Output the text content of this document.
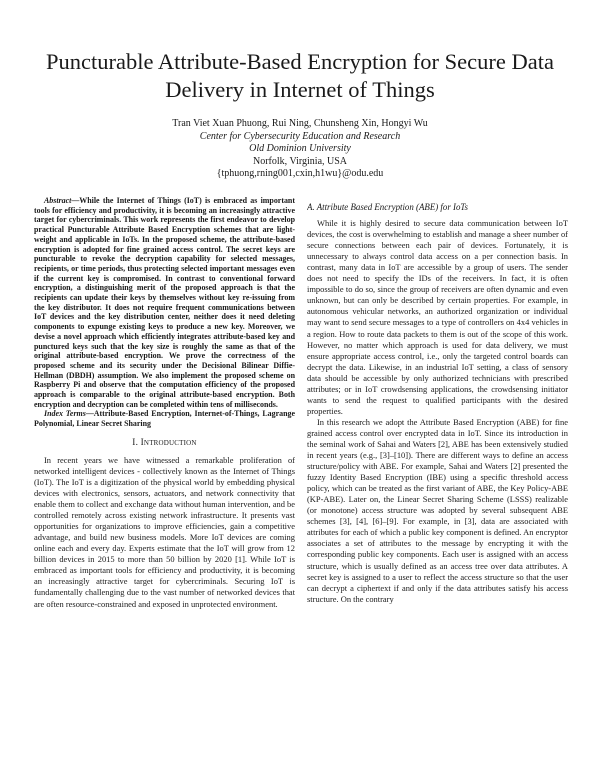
Puncturable Attribute-Based Encryption for Secure Data Delivery in Internet of Things
Tran Viet Xuan Phuong, Rui Ning, Chunsheng Xin, Hongyi Wu
Center for Cybersecurity Education and Research
Old Dominion University
Norfolk, Virginia, USA
{tphuong,rning001,cxin,h1wu}@odu.edu

Abstract—While the Internet of Things (IoT) is embraced as important tools for efficiency and productivity, it is becoming an increasingly attractive target for cybercriminals. This work represents the first endeavor to develop practical Puncturable Attribute Based Encryption schemes that are light-weight and applicable in IoTs. In the proposed scheme, the attribute-based encryption is adopted for fine grained access control. The secret keys are puncturable to revoke the decryption capability for selected messages, recipients, or time periods, thus protecting selected important messages even if the current key is compromised. In contrast to conventional forward encryption, a distinguishing merit of the proposed approach is that the recipients can update their keys by themselves without key re-issuing from the key distributor. It does not require frequent communications between IoT devices and the key distribution center, neither does it need deleting components to expunge existing keys to produce a new key. Moreover, we devise a novel approach which efficiently integrates attribute-based key and punctured keys such that the key size is roughly the same as that of the original attribute-based encryption. We prove the correctness of the proposed scheme and its security under the Decisional Bilinear Diffie-Hellman (DBDH) assumption. We also implement the proposed scheme on Raspberry Pi and observe that the computation efficiency of the proposed approach is comparable to the original attribute-based encryption. Both encryption and decryption can be completed within tens of milliseconds.

Index Terms—Attribute-Based Encryption, Internet-of-Things, Lagrange Polynomial, Linear Secret Sharing

I. Introduction

In recent years we have witnessed a remarkable proliferation of networked intelligent devices - collectively known as the Internet of Things (IoT). The IoT is a digitization of the physical world by embedding physical devices with electronics, sensors, actuators, and network connectivity that enable them to collect and exchange data without human intervention, and be controlled remotely across existing network infrastructure. It presents vast opportunities for organizations to improve efficiencies, gain a competitive advantage, and build new business models. More IoT devices are coming online each and every day. Experts estimate that the IoT will grow from 12 billion devices in 2015 to more than 50 billion by 2020 [1]. While IoT is embraced as important tools for efficiency and productivity, it is becoming an increasingly attractive target for cybercriminals. Securing IoT is fundamentally challenging due to the vast number of networked devices that are often resource-constrained and exposed in unprotected environment.

A. Attribute Based Encryption (ABE) for IoTs

While it is highly desired to secure data communication between IoT devices, the cost is overwhelming to establish and manage a sheer number of secure connections between each pair of devices. Fortunately, it is unnecessary to always control data access on a per connection basis. In contrast, many data in IoT are accessible by a group of users. The sender does not need to specify the IDs of the receivers. In fact, it is often impossible to do so, since the group of receivers are often dynamic and even unknown, but can only be described by certain properties. For example, in autonomous vehicular networks, an authorized organization or individual may want to send secure messages to a type of controllers on 4x4 vehicles in a region. How to route data packets to them is out of the scope of this work. However, no matter which approach is used for data delivery, we must ensure appropriate access control, i.e., only the targeted control boards can decrypt the data. Likewise, in an industrial IoT setting, a class of sensory data should be accessible by only authorized technicians with prescribed attributes; or in IoT crowdsensing applications, the crowdsensing initiator wants to send the request to qualified participants with the desired properties.

In this research we adopt the Attribute Based Encryption (ABE) for fine grained access control over encrypted data in IoT. Since its introduction in the seminal work of Sahai and Waters [2], ABE has been extensively studied in recent years (e.g., [3]–[10]). There are different ways to define an access structure/policy with ABE. For example, Sahai and Waters [2] presented the fuzzy Identity Based Encryption (IBE) using a specific threshold access policy, which can be treated as the first variant of ABE, the Key Policy-ABE (KP-ABE). Later on, the Linear Secret Sharing Scheme (LSSS) realizable (or monotone) access structure was adopted by several subsequent ABE schemes [3], [4], [6]–[9]. For example, in [3], data are associated with attributes for each of which a public key component is defined. An encryptor associates a set of attributes to the message by encrypting it with the corresponding public key components. Each user is assigned with an access structure, which is usually defined as an access tree over data attributes. A secret key is assigned to a user to reflect the access structure so that the user can decrypt a ciphertext if and only if the data attributes satisfy his access structure. On the contrary
